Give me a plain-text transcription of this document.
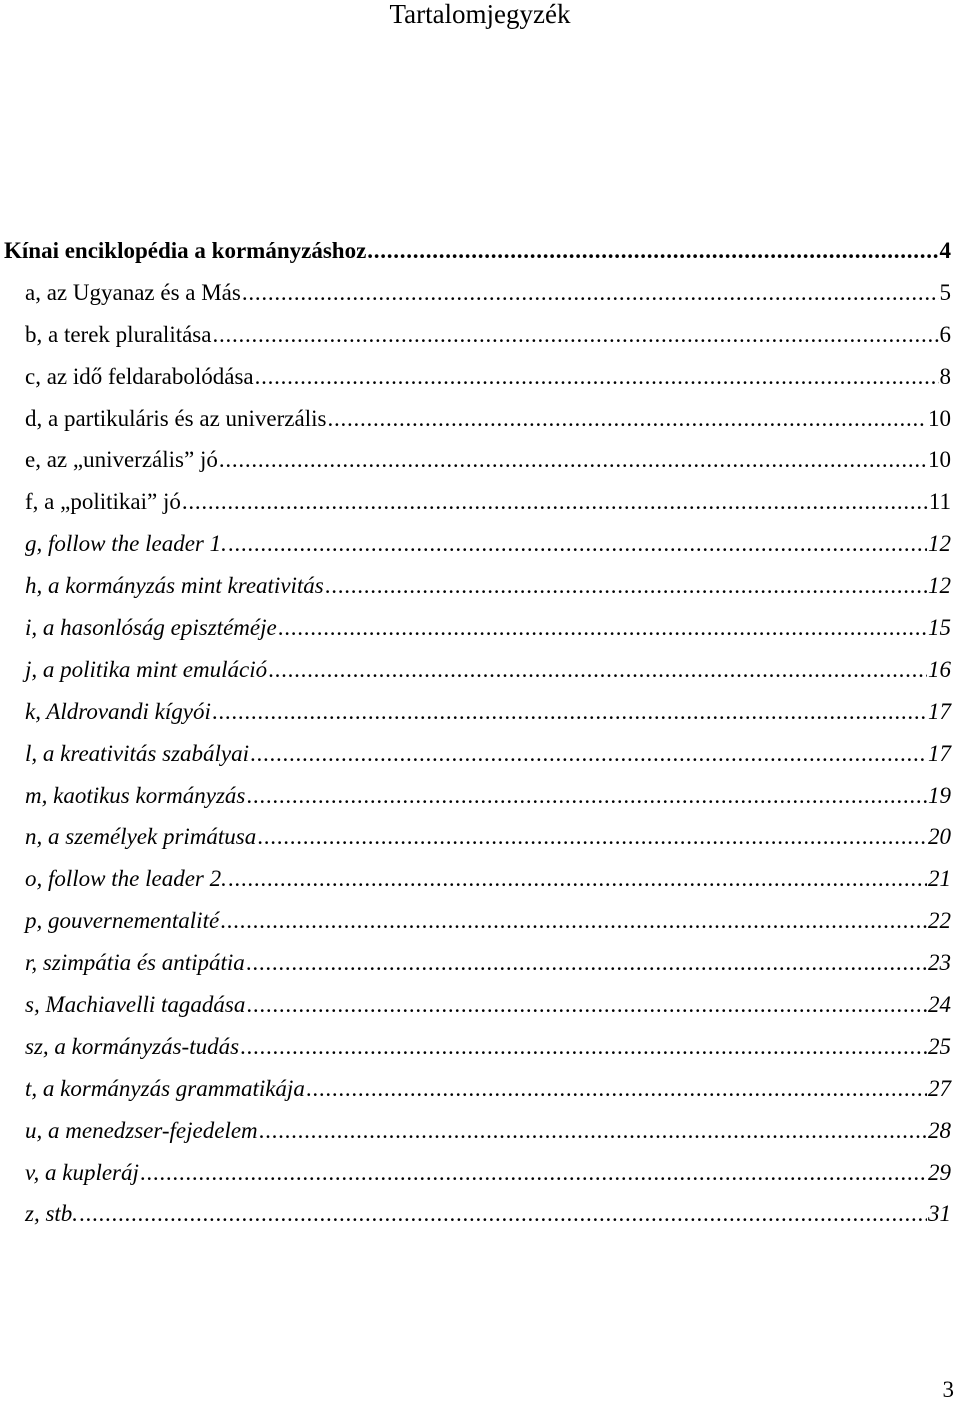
Tartalomjegyzék
Kínai enciklopédia a kormányzáshoz . . .	4
a, az Ugyanaz és a Más . . .	5
b, a terek pluralitása . . .	6
c, az idő feldarabolódása . . .	8
d, a partikuláris és az univerzális . . .	10
e, az „univerzális” jó . . .	10
f, a „politikai” jó . . .	11
g, follow the leader 1. . . .	12
h, a kormányzás mint kreativitás . . .	12
i, a hasonlóság episztéméje . . .	15
j, a politika mint emuláció . . .	16
k, Aldrovandi kígyói . . .	17
l, a kreativitás szabályai . . .	17
m, kaotikus kormányzás . . .	19
n, a személyek primátusa . . .	20
o, follow the leader 2. . . .	21
p, gouvernementalité . . .	22
r, szimpátia és antipátia . . .	23
s, Machiavelli tagadása . . .	24
sz, a kormányzás-tudás . . .	25
t, a kormányzás grammatikája . . .	27
u, a menedzser-fejedelem . . .	28
v, a kupleráj . . .	29
z, stb. . . .	31
3
